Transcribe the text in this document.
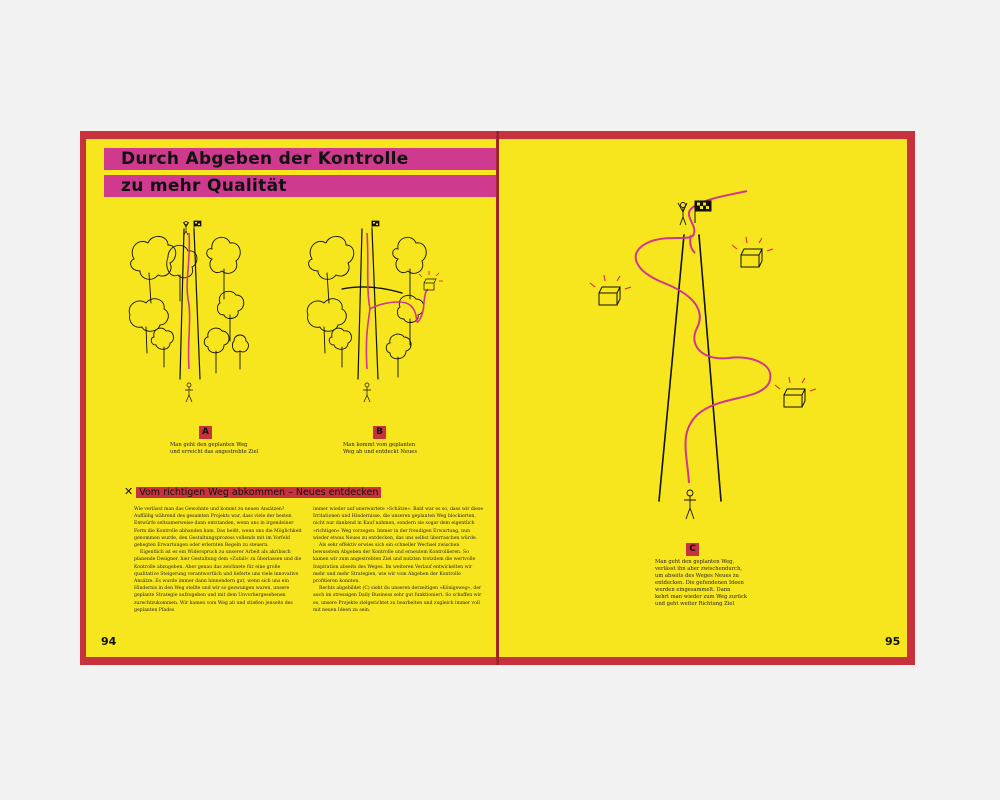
Durch Abgeben der Kontrolle
zu mehr Qualität
A
Man geht den geplanten Weg
und erreicht das angestrebte Ziel
B
Man kommt vom geplanten
Weg ab und entdeckt Neues
✕ Vom richtigen Weg abkommen – Neues entdecken

Wie verlässt man das Gewohnte und kommt zu neuen Ansätzen? Auffällig während des gesamten Projekts war, dass viele der besten Entwürfe seltsamerweise dann entstanden, wenn uns in irgendeiner Form die Kontrolle abhanden kam. Das heißt, wenn uns die Möglichkeit genommen wurde, den Gestaltungsprozess vollends mit im Vorfeld gehegten Erwartungen oder erlernten Regeln zu steuern.

Eigentlich ist es ein Widerspruch zu unserer Arbeit als akribisch planende Designer, hier Gestaltung dem »Zufall« zu überlassen und die Kontrolle abzugeben. Aber genau das zeichnete für eine große qualitative Steigerung verantwortlich und lieferte uns viele innovative Ansätze. Es wurde immer dann hinnendern gut, wenn sich uns ein Hindernis in den Weg stellte und wir so gezwungen waren, unsere geplante Strategie aufzugeben und mit dem Unvorhergesehenen zurechtzukommen. Wir kamen vom Weg ab und stießen jenseits des geplanten Pfades

immer wieder auf unerwartete »Schätze«. Bald war es so, dass wir diese Irritationen und Hindernisse, die unseren geplanten Weg blockierten, nicht nur dankend in Kauf nahmen, sondern sie sogar dem eigentlich »richtigen« Weg vorzogen. Immer in der freudigen Erwartung, nun wieder etwas Neues zu entdecken, das uns selbst überraschen würde.

Als sehr effektiv erwies sich ein schneller Wechsel zwischen bewusstem Abgeben der Kontrolle und erneutem Kontrollieren. So kamen wir zum angestrebten Ziel und nutzten trotzdem die wertvolle Inspiration abseits des Weges. Im weiteren Verlauf entwickelten wir mehr und mehr Strategien, wie wir vom Abgeben der Kontrolle profitieren konnten.

Rechts abgebildet (C) sieht du unseren derzeitigen »Königsweg«, der auch im stressigen Daily Business sehr gut funktioniert. So schaffen wir es, unsere Projekte zielgerichtet zu bearbeiten und zugleich immer voll mit neuen Ideen zu sein.

94
C
Man geht den geplanten Weg,
verlässt ihn aber zwischendurch,
um abseits des Weges Neues zu
entdecken. Die gefundenen Ideen
werden eingesammelt. Dann
kehrt man wieder zum Weg zurück
und geht weiter Richtung Ziel
95
